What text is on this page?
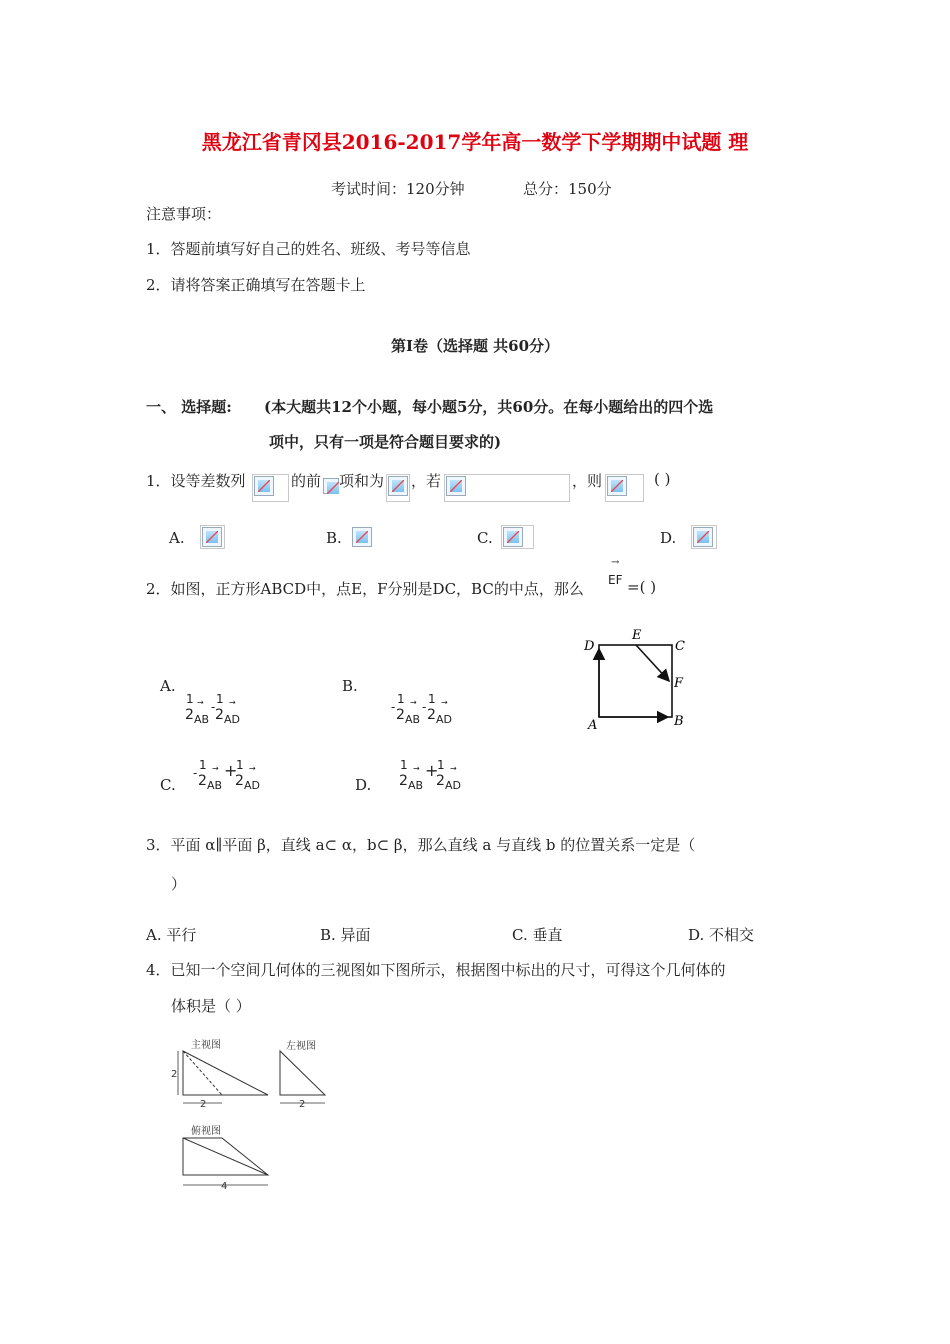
黑龙江省青冈县2016-2017学年高一数学下学期期中试题 理
考试时间：120分钟	总分：150分
注意事项：
1．答题前填写好自己的姓名、班级、考号等信息
2．请将答案正确填写在答题卡上
第I卷（选择题 共60分）
一、 选择题: (本大题共12个小题，每小题5分，共60分。在每小题给出的四个选
项中，只有一项是符合题目要求的)
1．设等差数列	的前 项和为 ，若	，则	( )
A.	B.	C.	D.
2．如图，正方形ABCD中，点E，F分别是DC，BC的中点，那么
→
EF =( )
D
E
C
F
A	B
A.	B.
C.	D.
1 →
2 AB
-
1 →
2 AD
-
1 →
2 AB
-
1 →
2 AD
-
1 →
2 AB
+
1 →
2 AD
1 →
2 AB
+
1 →
2 AD
3．平面 α∥平面 β，直线 a⊂ α，b⊂ β，那么直线 a 与直线 b 的位置关系一定是（
）
A. 平行	B. 异面	C. 垂直	D. 不相交
4．已知一个空间几何体的三视图如下图所示，根据图中标出的尺寸，可得这个几何体的
体积是（ ）
主视图
2
2
左视图
2
俯视图
4
